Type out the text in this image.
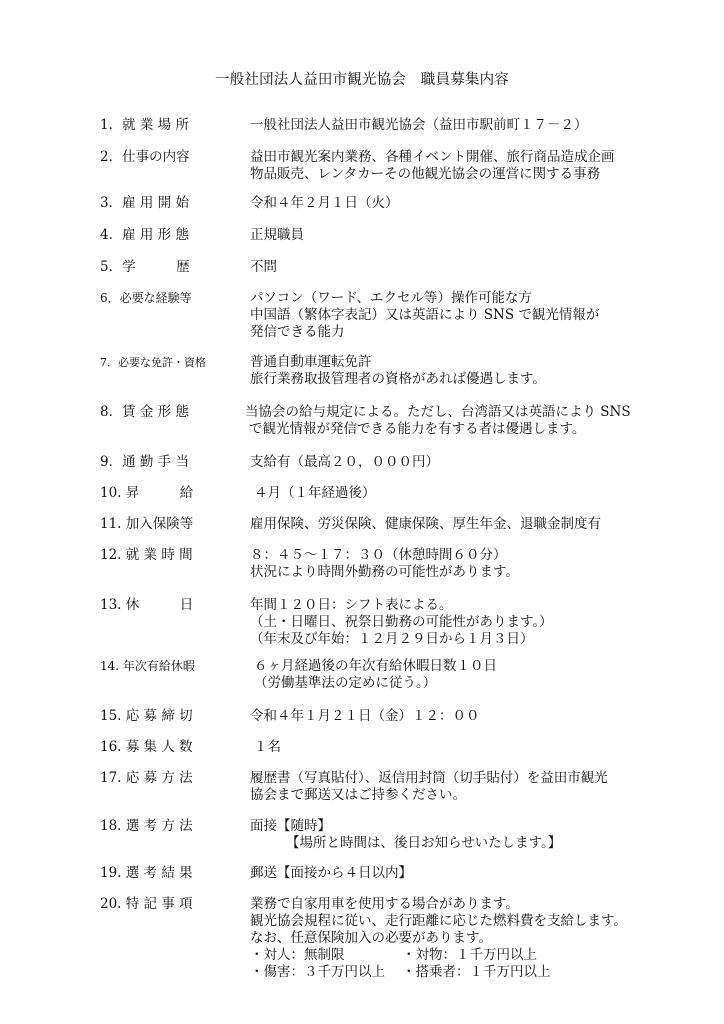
一般社団法人益田市観光協会　職員募集内容
1．就 業 場 所	一般社団法人益田市観光協会（益田市駅前町１７－２）
2．仕事の内容	益田市観光案内業務、各種イベント開催、旅行商品造成企画
物品販売、レンタカーその他観光協会の運営に関する事務
3．雇 用 開 始	令和４年２月１日（火）
4．雇 用 形 態	正規職員
5．学　　　歴	不問
6．必要な経験等	パソコン（ワード、エクセル等）操作可能な方
中国語（繁体字表記）又は英語により SNS で観光情報が
発信できる能力
7．必要な免許・資格	普通自動車運転免許
旅行業務取扱管理者の資格があれば優遇します。
8．賃 金 形 態	当協会の給与規定による。ただし、台湾語又は英語により SNS
で観光情報が発信できる能力を有する者は優遇します。
9．通 勤 手 当	支給有（最高２０，０００円）
10. 昇　　　給	４月（１年経過後）
11. 加入保険等	雇用保険、労災保険、健康保険、厚生年金、退職金制度有
12. 就 業 時 間	８：４５～１７：３０（休憩時間６０分）
状況により時間外勤務の可能性があります。
13. 休　　　日	年間１２０日：シフト表による。
（土・日曜日、祝祭日勤務の可能性があります。）
（年末及び年始：１２月２９日から１月３日）
14. 年次有給休暇	６ヶ月経過後の年次有給休暇日数１０日
（労働基準法の定めに従う。）
15. 応 募 締 切	令和４年１月２１日（金）１２：００
16. 募 集 人 数	１名
17. 応 募 方 法	履歴書（写真貼付）、返信用封筒（切手貼付）を益田市観光
協会まで郵送又はご持参ください。
18. 選 考 方 法	面接【随時】
【場所と時間は、後日お知らせいたします。】
19. 選 考 結 果	郵送【面接から４日以内】
20. 特 記 事 項	業務で自家用車を使用する場合があります。
観光協会規程に従い、走行距離に応じた燃料費を支給します。
なお、任意保険加入の必要があります。
・対人：無制限	・対物：１千万円以上
・傷害：３千万円以上	・搭乗者：１千万円以上
